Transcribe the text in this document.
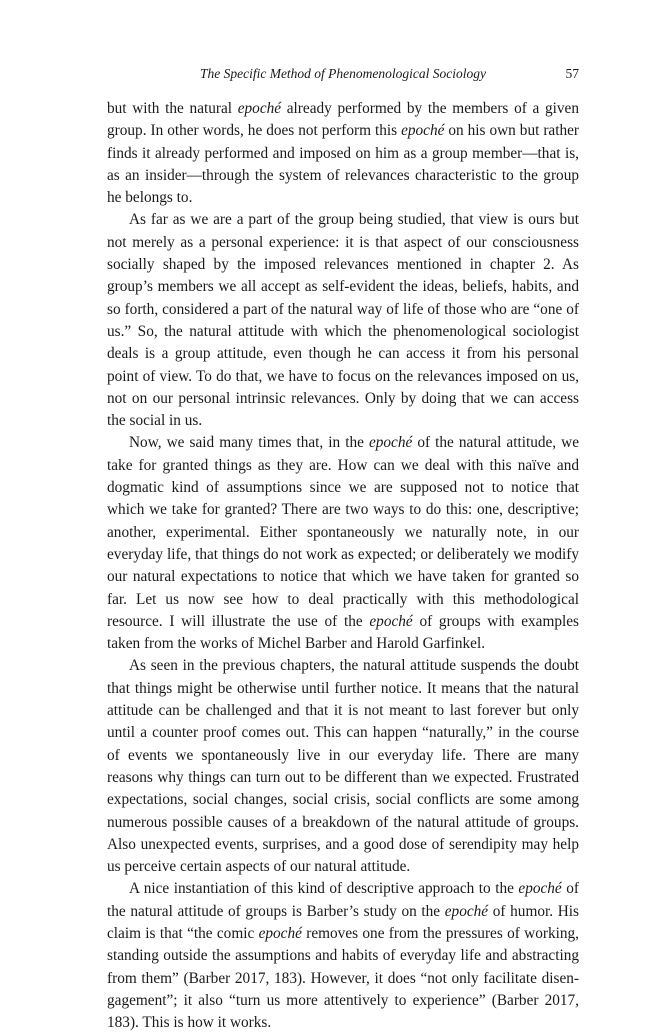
The Specific Method of Phenomenological Sociology	57

but with the natural epoché already performed by the members of a given group. In other words, he does not perform this epoché on his own but rather finds it already performed and imposed on him as a group member—that is, as an insider—through the system of relevances characteristic to the group he belongs to.

As far as we are a part of the group being studied, that view is ours but not merely as a personal experience: it is that aspect of our consciousness socially shaped by the imposed relevances mentioned in chapter 2. As group’s members we all accept as self-evident the ideas, beliefs, habits, and so forth, considered a part of the natural way of life of those who are “one of us.” So, the natural attitude with which the phenomenological sociologist deals is a group attitude, even though he can access it from his personal point of view. To do that, we have to focus on the relevances imposed on us, not on our personal intrinsic relevances. Only by doing that we can access the social in us.

Now, we said many times that, in the epoché of the natural attitude, we take for granted things as they are. How can we deal with this naïve and dogmatic kind of assumptions since we are supposed not to notice that which we take for granted? There are two ways to do this: one, descriptive; another, experimental. Either spontaneously we naturally note, in our everyday life, that things do not work as expected; or deliberately we modify our natural expectations to notice that which we have taken for granted so far. Let us now see how to deal practically with this methodological resource. I will illustrate the use of the epoché of groups with examples taken from the works of Michel Barber and Harold Garfinkel.

As seen in the previous chapters, the natural attitude suspends the doubt that things might be otherwise until further notice. It means that the natural attitude can be challenged and that it is not meant to last forever but only until a counter proof comes out. This can happen “naturally,” in the course of events we spontaneously live in our everyday life. There are many reasons why things can turn out to be different than we expected. Frustrated expectations, social changes, social crisis, social conflicts are some among numerous possible causes of a breakdown of the natural attitude of groups. Also unexpected events, surprises, and a good dose of serendipity may help us perceive certain aspects of our natural attitude.

A nice instantiation of this kind of descriptive approach to the epoché of the natural attitude of groups is Barber’s study on the epoché of humor. His claim is that “the comic epoché removes one from the pressures of working, standing outside the assumptions and habits of everyday life and abstracting from them” (Barber 2017, 183). However, it does “not only facilitate disengagement”; it also “turn us more attentively to experience” (Barber 2017, 183). This is how it works.
